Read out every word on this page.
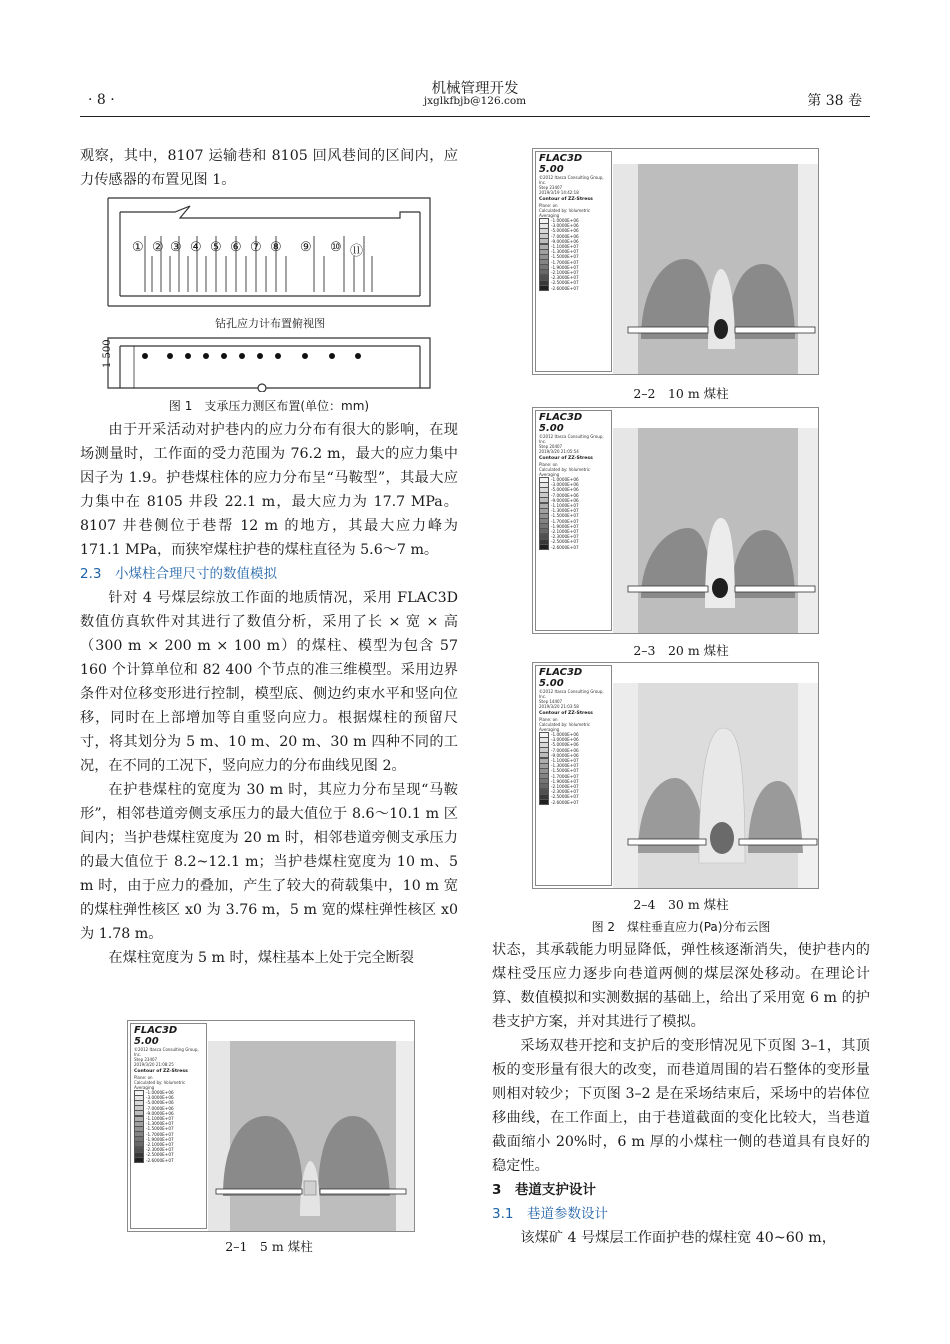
· 8 ·
机械管理开发
jxglkfbjb@126.com	第 38 卷

观察，其中，8107 运输巷和 8105 回风巷间的区间内，应力传感器的布置见图 1。

① ② ③ ④ ⑤ ⑥ ⑦ ⑧ ⑨ ⑩ ⑪
钻孔应力计布置俯视图
1 500
图 1　支承压力测区布置(单位：mm)

由于开采活动对护巷内的应力分布有很大的影响，在现场测量时，工作面的受力范围为 76.2 m，最大的应力集中因子为 1.9。护巷煤柱体的应力分布呈“马鞍型”，其最大应力集中在 8105 井段 22.1 m，最大应力为 17.7 MPa。8107 井巷侧位于巷帮 12 m 的地方，其最大应力峰为 171.1 MPa，而狭窄煤柱护巷的煤柱直径为 5.6～7 m。

2.3　小煤柱合理尺寸的数值模拟

针对 4 号煤层综放工作面的地质情况，采用 FLAC3D 数值仿真软件对其进行了数值分析，采用了长 × 宽 × 高（300 m × 200 m × 100 m）的煤柱、模型为包含 57 160 个计算单位和 82 400 个节点的准三维模型。采用边界条件对位移变形进行控制，模型底、侧边约束水平和竖向位移，同时在上部增加等自重竖向应力。根据煤柱的预留尺寸，将其划分为 5 m、10 m、20 m、30 m 四种不同的工况，在不同的工况下，竖向应力的分布曲线见图 2。

在护巷煤柱的宽度为 30 m 时，其应力分布呈现“马鞍形”，相邻巷道旁侧支承压力的最大值位于 8.6～10.1 m 区间内；当护巷煤柱宽度为 20 m 时，相邻巷道旁侧支承压力的最大值位于 8.2~12.1 m；当护巷煤柱宽度为 10 m、5 m 时，由于应力的叠加，产生了较大的荷载集中，10 m 宽的煤柱弹性核区 x0 为 3.76 m，5 m 宽的煤柱弹性核区 x0 为 1.78 m。

在煤柱宽度为 5 m 时，煤柱基本上处于完全断裂

FLAC3D 5.00
©2012 Itasca Consulting Group, Inc.
Step 23407
2019/3/20 21:08:25
Contour of ZZ-Stress
Plane: on
Calculated by: Volumetric Averaging
-1.0000E+06
-3.0000E+06
-5.0000E+06
-7.0000E+06
-9.0000E+06
-1.1000E+07
-1.3000E+07
-1.5000E+07
-1.7000E+07
-1.9000E+07
-2.1000E+07
-2.3000E+07
-2.5000E+07
-2.6000E+07
2–1　5 m 煤柱
FLAC3D 5.00
©2012 Itasca Consulting Group, Inc.
Step 23407
2019/3/19 14:42:18
Contour of ZZ-Stress
Plane: on
Calculated by: Volumetric Averaging
-1.0000E+06
-3.0000E+06
-5.0000E+06
-7.0000E+06
-9.0000E+06
-1.1000E+07
-1.3000E+07
-1.5000E+07
-1.7000E+07
-1.9000E+07
-2.1000E+07
-2.3000E+07
-2.5000E+07
-2.6000E+07
2–2　10 m 煤柱
FLAC3D 5.00
©2012 Itasca Consulting Group, Inc.
Step 20407
2019/3/20 21:05:54
Contour of ZZ-Stress
Plane: on
Calculated by: Volumetric Averaging
-1.0000E+06
-3.0000E+06
-5.0000E+06
-7.0000E+06
-9.0000E+06
-1.1000E+07
-1.3000E+07
-1.5000E+07
-1.7000E+07
-1.9000E+07
-2.1000E+07
-2.3000E+07
-2.5000E+07
-2.6000E+07
2–3　20 m 煤柱
FLAC3D 5.00
©2012 Itasca Consulting Group, Inc.
Step 14407
2019/3/20 21:03:58
Contour of ZZ-Stress
Plane: on
Calculated by: Volumetric Averaging
-1.0000E+06
-3.0000E+06
-5.0000E+06
-7.0000E+06
-9.0000E+06
-1.1000E+07
-1.3000E+07
-1.5000E+07
-1.7000E+07
-1.9000E+07
-2.1000E+07
-2.3000E+07
-2.5000E+07
-2.6000E+07
2–4　30 m 煤柱
图 2　煤柱垂直应力(Pa)分布云图

状态，其承载能力明显降低，弹性核逐渐消失，使护巷内的煤柱受压应力逐步向巷道两侧的煤层深处移动。在理论计算、数值模拟和实测数据的基础上，给出了采用宽 6 m 的护巷支护方案，并对其进行了模拟。

采场双巷开挖和支护后的变形情况见下页图 3–1，其顶板的变形量有很大的改变，而巷道周围的岩石整体的变形量则相对较少；下页图 3–2 是在采场结束后，采场中的岩体位移曲线，在工作面上，由于巷道截面的变化比较大，当巷道截面缩小 20%时，6 m 厚的小煤柱一侧的巷道具有良好的稳定性。

3　巷道支护设计

3.1　巷道参数设计

该煤矿 4 号煤层工作面护巷的煤柱宽 40~60 m，
